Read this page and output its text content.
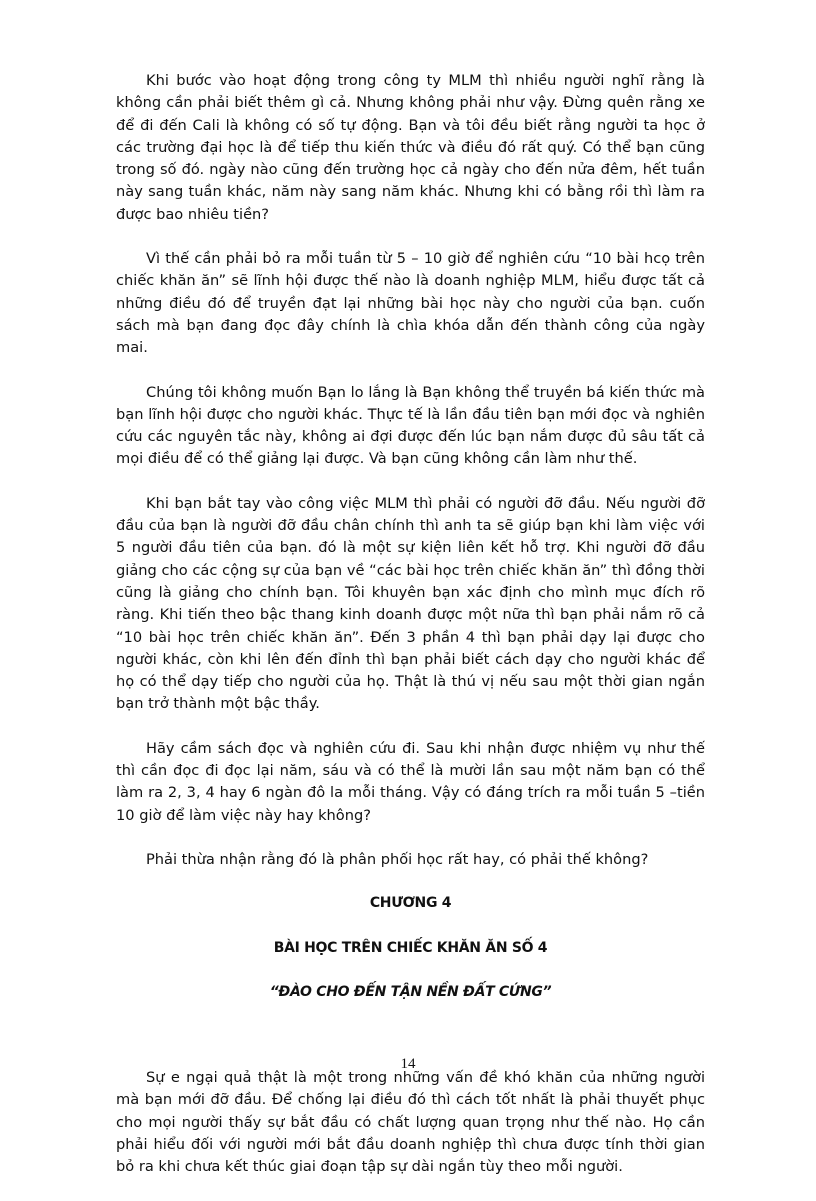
Khi bước vào hoạt động trong công ty MLM thì nhiều người nghĩ rằng là không cần phải biết thêm gì cả. Nhưng không phải như vậy. Đừng quên rằng xe để đi đến Cali là không có số tự động. Bạn và tôi đều biết rằng người ta học ở các trường đại học là để tiếp thu kiến thức và điều đó rất quý. Có thể bạn cũng trong số đó. ngày nào cũng đến trường học cả ngày cho đến nửa đêm, hết tuần này sang tuần khác, năm này sang năm khác. Nhưng khi có bằng rồi thì làm ra được bao nhiêu tiền?

Vì thế cần phải bỏ ra mỗi tuần từ 5 – 10 giờ để nghiên cứu “10 bài hcọ trên chiếc khăn ăn” sẽ lĩnh hội được thế nào là doanh nghiệp MLM, hiểu được tất cả những điều đó để truyền đạt lại những bài học này cho người của bạn. cuốn sách mà bạn đang đọc đây chính là chìa khóa dẫn đến thành công của ngày mai.

Chúng tôi không muốn Bạn lo lắng là Bạn không thể truyền bá kiến thức mà bạn lĩnh hội được cho người khác. Thực tế là lần đầu tiên bạn mới đọc và nghiên cứu các nguyên tắc này, không ai đợi được đến lúc bạn nắm được đủ sâu tất cả mọi điều để có thể giảng lại được. Và bạn cũng không cần làm như thế.

Khi bạn bắt tay vào công việc MLM thì phải có người đỡ đầu. Nếu người đỡ đầu của bạn là người đỡ đầu chân chính thì anh ta sẽ giúp bạn khi làm việc với 5 người đầu tiên của bạn. đó là một sự kiện liên kết hỗ trợ. Khi người đỡ đầu giảng cho các cộng sự của bạn về “các bài học trên chiếc khăn ăn” thì đồng thời cũng là giảng cho chính bạn. Tôi khuyên bạn xác định cho mình mục đích rõ ràng. Khi tiến theo bậc thang kinh doanh được một nữa thì bạn phải nắm rõ cả “10 bài học trên chiếc khăn ăn”. Đến 3 phần 4 thì bạn phải dạy lại được cho người khác, còn khi lên đến đỉnh thì bạn phải biết cách dạy cho người khác để họ có thể dạy tiếp cho người của họ. Thật là thú vị nếu sau một thời gian ngắn bạn trở thành một bậc thầy.

Hãy cầm sách đọc và nghiên cứu đi. Sau khi nhận được nhiệm vụ như thế thì cần đọc đi đọc lại năm, sáu và có thể là mười lần sau một năm bạn có thể làm ra 2, 3, 4 hay 6 ngàn đô la mỗi tháng. Vậy có đáng trích ra mỗi tuần 5 –tiền 10 giờ để làm việc này hay không?

Phải thừa nhận rằng đó là phân phối học rất hay, có phải thế không?

CHƯƠNG 4
BÀI HỌC TRÊN CHIẾC KHĂN ĂN SỐ 4
“ĐÀO CHO ĐẾN TẬN NỀN ĐẤT CỨNG”

Sự e ngại quả thật là một trong những vấn đề khó khăn của những người mà bạn mới đỡ đầu. Để chống lại điều đó thì cách tốt nhất là phải thuyết phục cho mọi người thấy sự bắt đầu có chất lượng quan trọng như thế nào. Họ cần phải hiểu đối với người mới bắt đầu doanh nghiệp thì chưa được tính thời gian bỏ ra khi chưa kết thúc giai đoạn tập sự dài ngắn tùy theo mỗi người.

14
